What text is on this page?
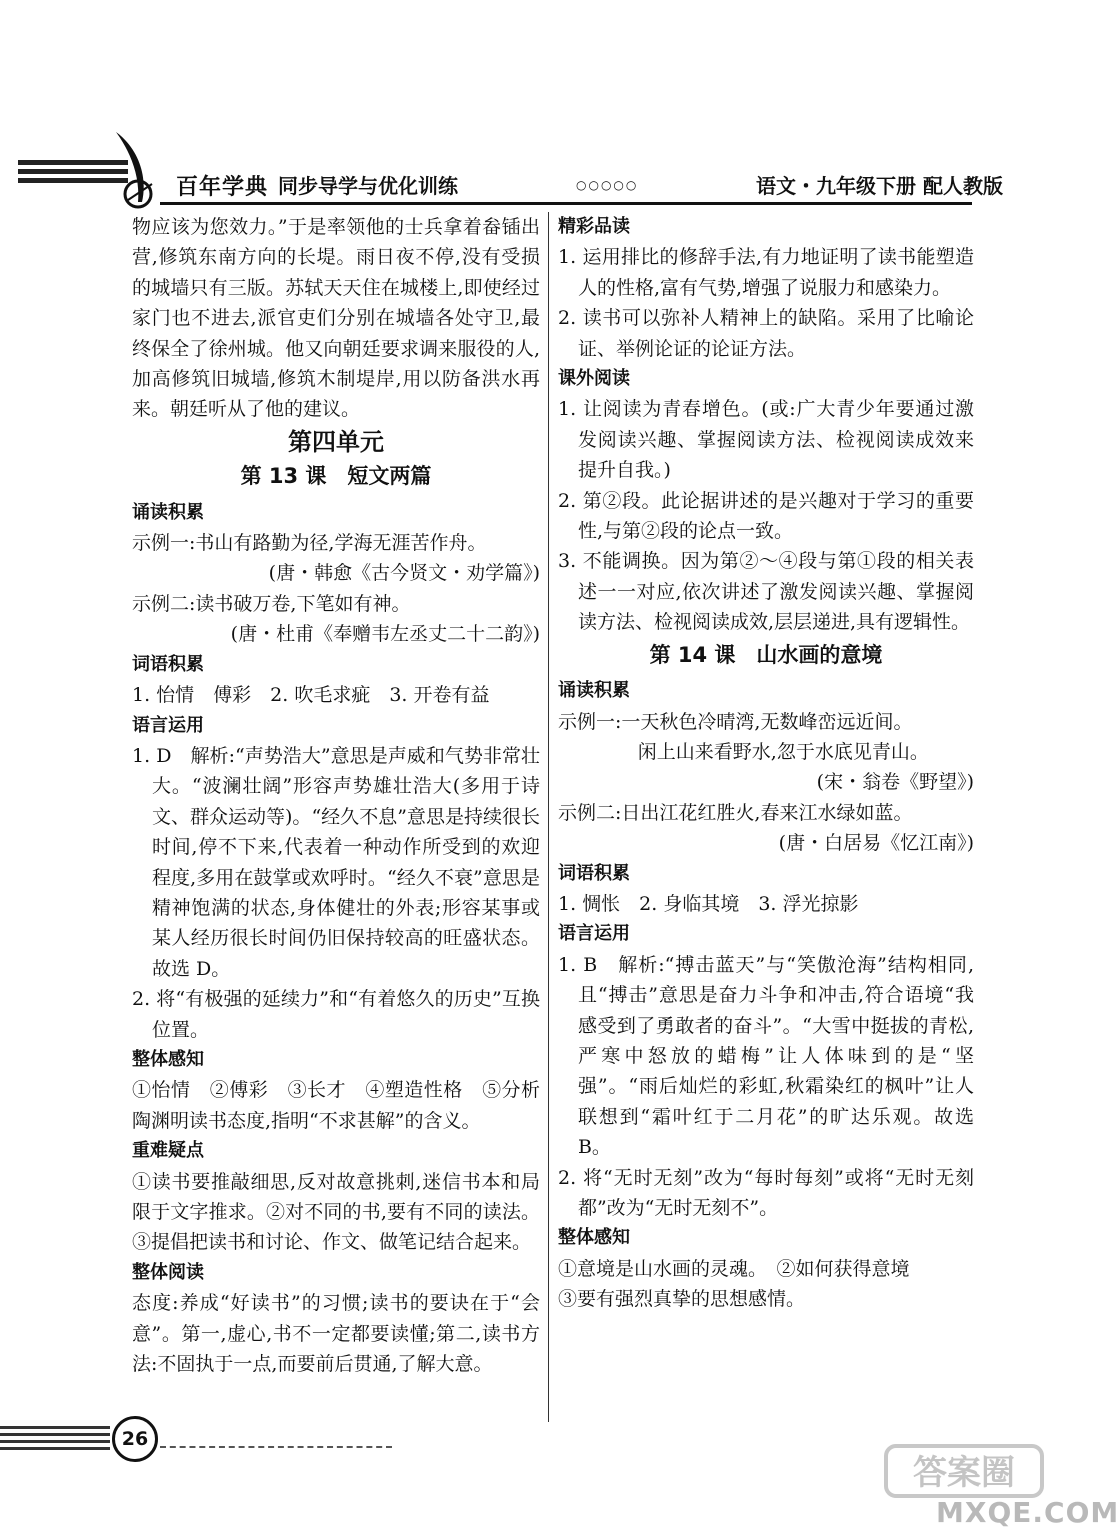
百年学典 同步导学与优化训练	○○○○○	语文・九年级下册 配人教版

物应该为您效力。”于是率领他的士兵拿着畚锸出营,修筑东南方向的长堤。雨日夜不停,没有受损的城墙只有三版。苏轼天天住在城楼上,即使经过家门也不进去,派官吏们分别在城墙各处守卫,最终保全了徐州城。他又向朝廷要求调来服役的人,加高修筑旧城墙,修筑木制堤岸,用以防备洪水再来。朝廷听从了他的建议。

第四单元

第 13 课　短文两篇

诵读积累

示例一:书山有路勤为径,学海无涯苦作舟。

(唐・韩愈《古今贤文・劝学篇》)

示例二:读书破万卷,下笔如有神。

(唐・杜甫《奉赠韦左丞丈二十二韵》)

词语积累

1. 怡情　傅彩　2. 吹毛求疵　3. 开卷有益

语言运用

1. D　解析:“声势浩大”意思是声威和气势非常壮大。“波澜壮阔”形容声势雄壮浩大(多用于诗文、群众运动等)。“经久不息”意思是持续很长时间,停不下来,代表着一种动作所受到的欢迎程度,多用在鼓掌或欢呼时。“经久不衰”意思是精神饱满的状态,身体健壮的外表;形容某事或某人经历很长时间仍旧保持较高的旺盛状态。故选 D。

2. 将“有极强的延续力”和“有着悠久的历史”互换位置。

整体感知

①怡情　②傅彩　③长才　④塑造性格　⑤分析陶渊明读书态度,指明“不求甚解”的含义。

重难疑点

①读书要推敲细思,反对故意挑刺,迷信书本和局限于文字推求。②对不同的书,要有不同的读法。③提倡把读书和讨论、作文、做笔记结合起来。

整体阅读

态度:养成“好读书”的习惯;读书的要诀在于“会意”。第一,虚心,书不一定都要读懂;第二,读书方法:不固执于一点,而要前后贯通,了解大意。

精彩品读

1. 运用排比的修辞手法,有力地证明了读书能塑造人的性格,富有气势,增强了说服力和感染力。

2. 读书可以弥补人精神上的缺陷。采用了比喻论证、举例论证的论证方法。

课外阅读

1. 让阅读为青春增色。(或:广大青少年要通过激发阅读兴趣、掌握阅读方法、检视阅读成效来提升自我。)

2. 第②段。此论据讲述的是兴趣对于学习的重要性,与第②段的论点一致。

3. 不能调换。因为第②～④段与第①段的相关表述一一对应,依次讲述了激发阅读兴趣、掌握阅读方法、检视阅读成效,层层递进,具有逻辑性。

第 14 课　山水画的意境

诵读积累

示例一:一天秋色冷晴湾,无数峰峦远近间。

闲上山来看野水,忽于水底见青山。

(宋・翁卷《野望》)

示例二:日出江花红胜火,春来江水绿如蓝。

(唐・白居易《忆江南》)

词语积累

1. 惆怅　2. 身临其境　3. 浮光掠影

语言运用

1. B　解析:“搏击蓝天”与“笑傲沧海”结构相同,且“搏击”意思是奋力斗争和冲击,符合语境“我感受到了勇敢者的奋斗”。“大雪中挺拔的青松,严寒中怒放的蜡梅”让人体味到的是“坚强”。“雨后灿烂的彩虹,秋霜染红的枫叶”让人联想到“霜叶红于二月花”的旷达乐观。故选 B。

2. 将“无时无刻”改为“每时每刻”或将“无时无刻都”改为“无时无刻不”。

整体感知

①意境是山水画的灵魂。　②如何获得意境

③要有强烈真挚的思想感情。

26
答案圈
MXQE.COM
